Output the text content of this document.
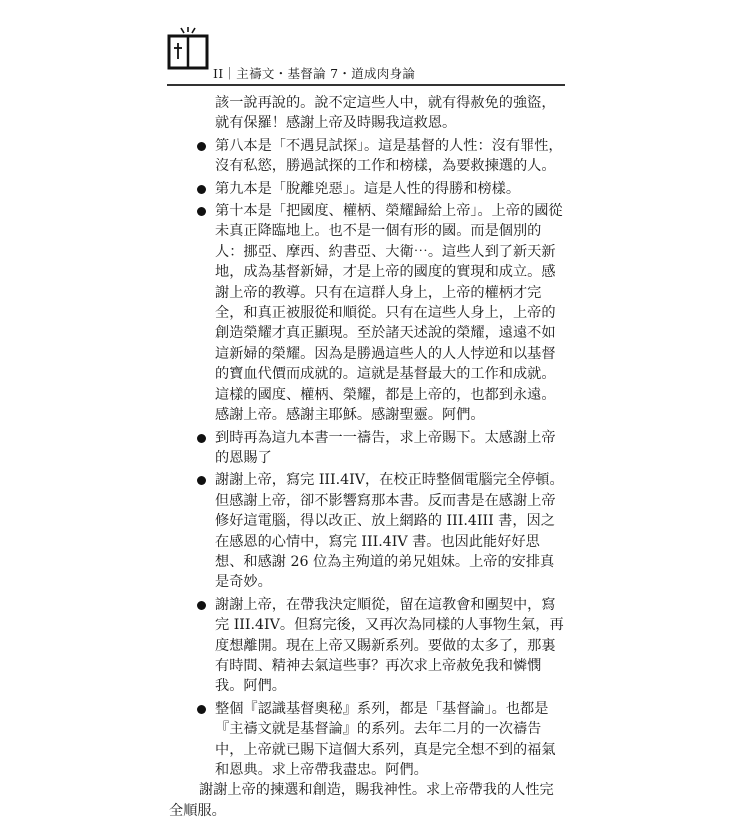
II｜主禱文・基督論 7・道成肉身論

該一說再說的。說不定這些人中，就有得赦免的強盜，就有保羅！感謝上帝及時賜我這救恩。

第八本是「不遇見試探」。這是基督的人性：沒有罪性，沒有私慾，勝過試探的工作和榜樣，為要救揀選的人。
第九本是「脫離兇惡」。這是人性的得勝和榜樣。
第十本是「把國度、權柄、榮耀歸給上帝」。上帝的國從未真正降臨地上。也不是一個有形的國。而是個別的人：挪亞、摩西、約書亞、大衛⋯。這些人到了新天新地，成為基督新婦，才是上帝的國度的實現和成立。感謝上帝的教導。只有在這群人身上，上帝的權柄才完全，和真正被服從和順從。只有在這些人身上，上帝的創造榮耀才真正顯現。至於諸天述說的榮耀，遠遠不如這新婦的榮耀。因為是勝過這些人的人人悖逆和以基督的寶血代價而成就的。這就是基督最大的工作和成就。這樣的國度、權柄、榮耀，都是上帝的，也都到永遠。感謝上帝。感謝主耶穌。感謝聖靈。阿們。
到時再為這九本書一一禱告，求上帝賜下。太感謝上帝的恩賜了
謝謝上帝，寫完 III.4IV，在校正時整個電腦完全停頓。但感謝上帝，卻不影響寫那本書。反而書是在感謝上帝修好這電腦，得以改正、放上網路的 III.4III 書，因之在感恩的心情中，寫完 III.4IV 書。也因此能好好思想、和感謝 26 位為主殉道的弟兄姐妹。上帝的安排真是奇妙。
謝謝上帝，在帶我決定順從，留在這教會和團契中，寫完 III.4IV。但寫完後，又再次為同樣的人事物生氣，再度想離開。現在上帝又賜新系列。要做的太多了，那裏有時間、精神去氣這些事？再次求上帝赦免我和憐憫我。阿們。
整個『認識基督奧秘』系列，都是「基督論」。也都是『主禱文就是基督論』的系列。去年二月的一次禱告中，上帝就已賜下這個大系列，真是完全想不到的福氣和恩典。求上帝帶我盡忠。阿們。

謝謝上帝的揀選和創造，賜我神性。求上帝帶我的人性完全順服。
